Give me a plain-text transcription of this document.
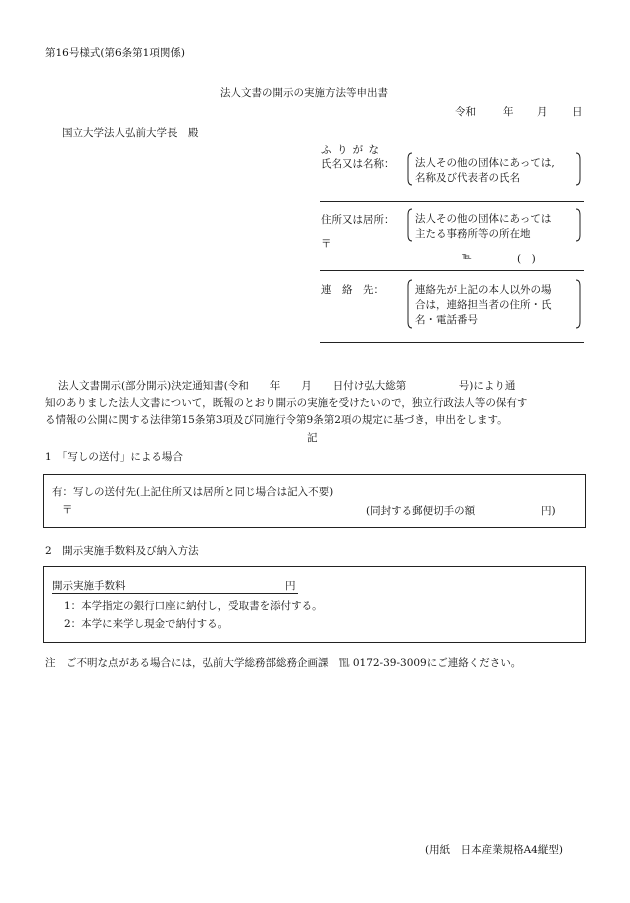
第16号様式(第6条第1項関係)
法人文書の開示の実施方法等申出書
令和	年 月 日
国立大学法人弘前大学長　殿
ふ り が な
氏名又は名称： 法人その他の団体にあっては,
名称及び代表者の氏名
住所又は居所： 法人その他の団体にあっては
主たる事務所等の所在地
〒
℡	(　)
連　絡　先：	連絡先が上記の本人以外の場
合は，連絡担当者の住所・氏
名・電話番号
法人文書開示(部分開示)決定通知書(令和　　年　　月　　日付け弘大総第　　　　　号)により通
知のありました法人文書について，既報のとおり開示の実施を受けたいので，独立行政法人等の保有す
る情報の公開に関する法律第15条第3項及び同施行令第9条第2項の規定に基づき，申出をします。
記
1　「写しの送付」による場合
有：写しの送付先(上記住所又は居所と同じ場合は記入不要)
〒	(同封する郵便切手の額	円)
2　開示実施手数料及び納入方法
開示実施手数料	円
1：本学指定の銀行口座に納付し，受取書を添付する。
2：本学に来学し現金で納付する。
注　ご不明な点がある場合には，弘前大学総務部総務企画課　℡ 0172-39-3009にご連絡ください。
(用紙　日本産業規格A4縦型)
